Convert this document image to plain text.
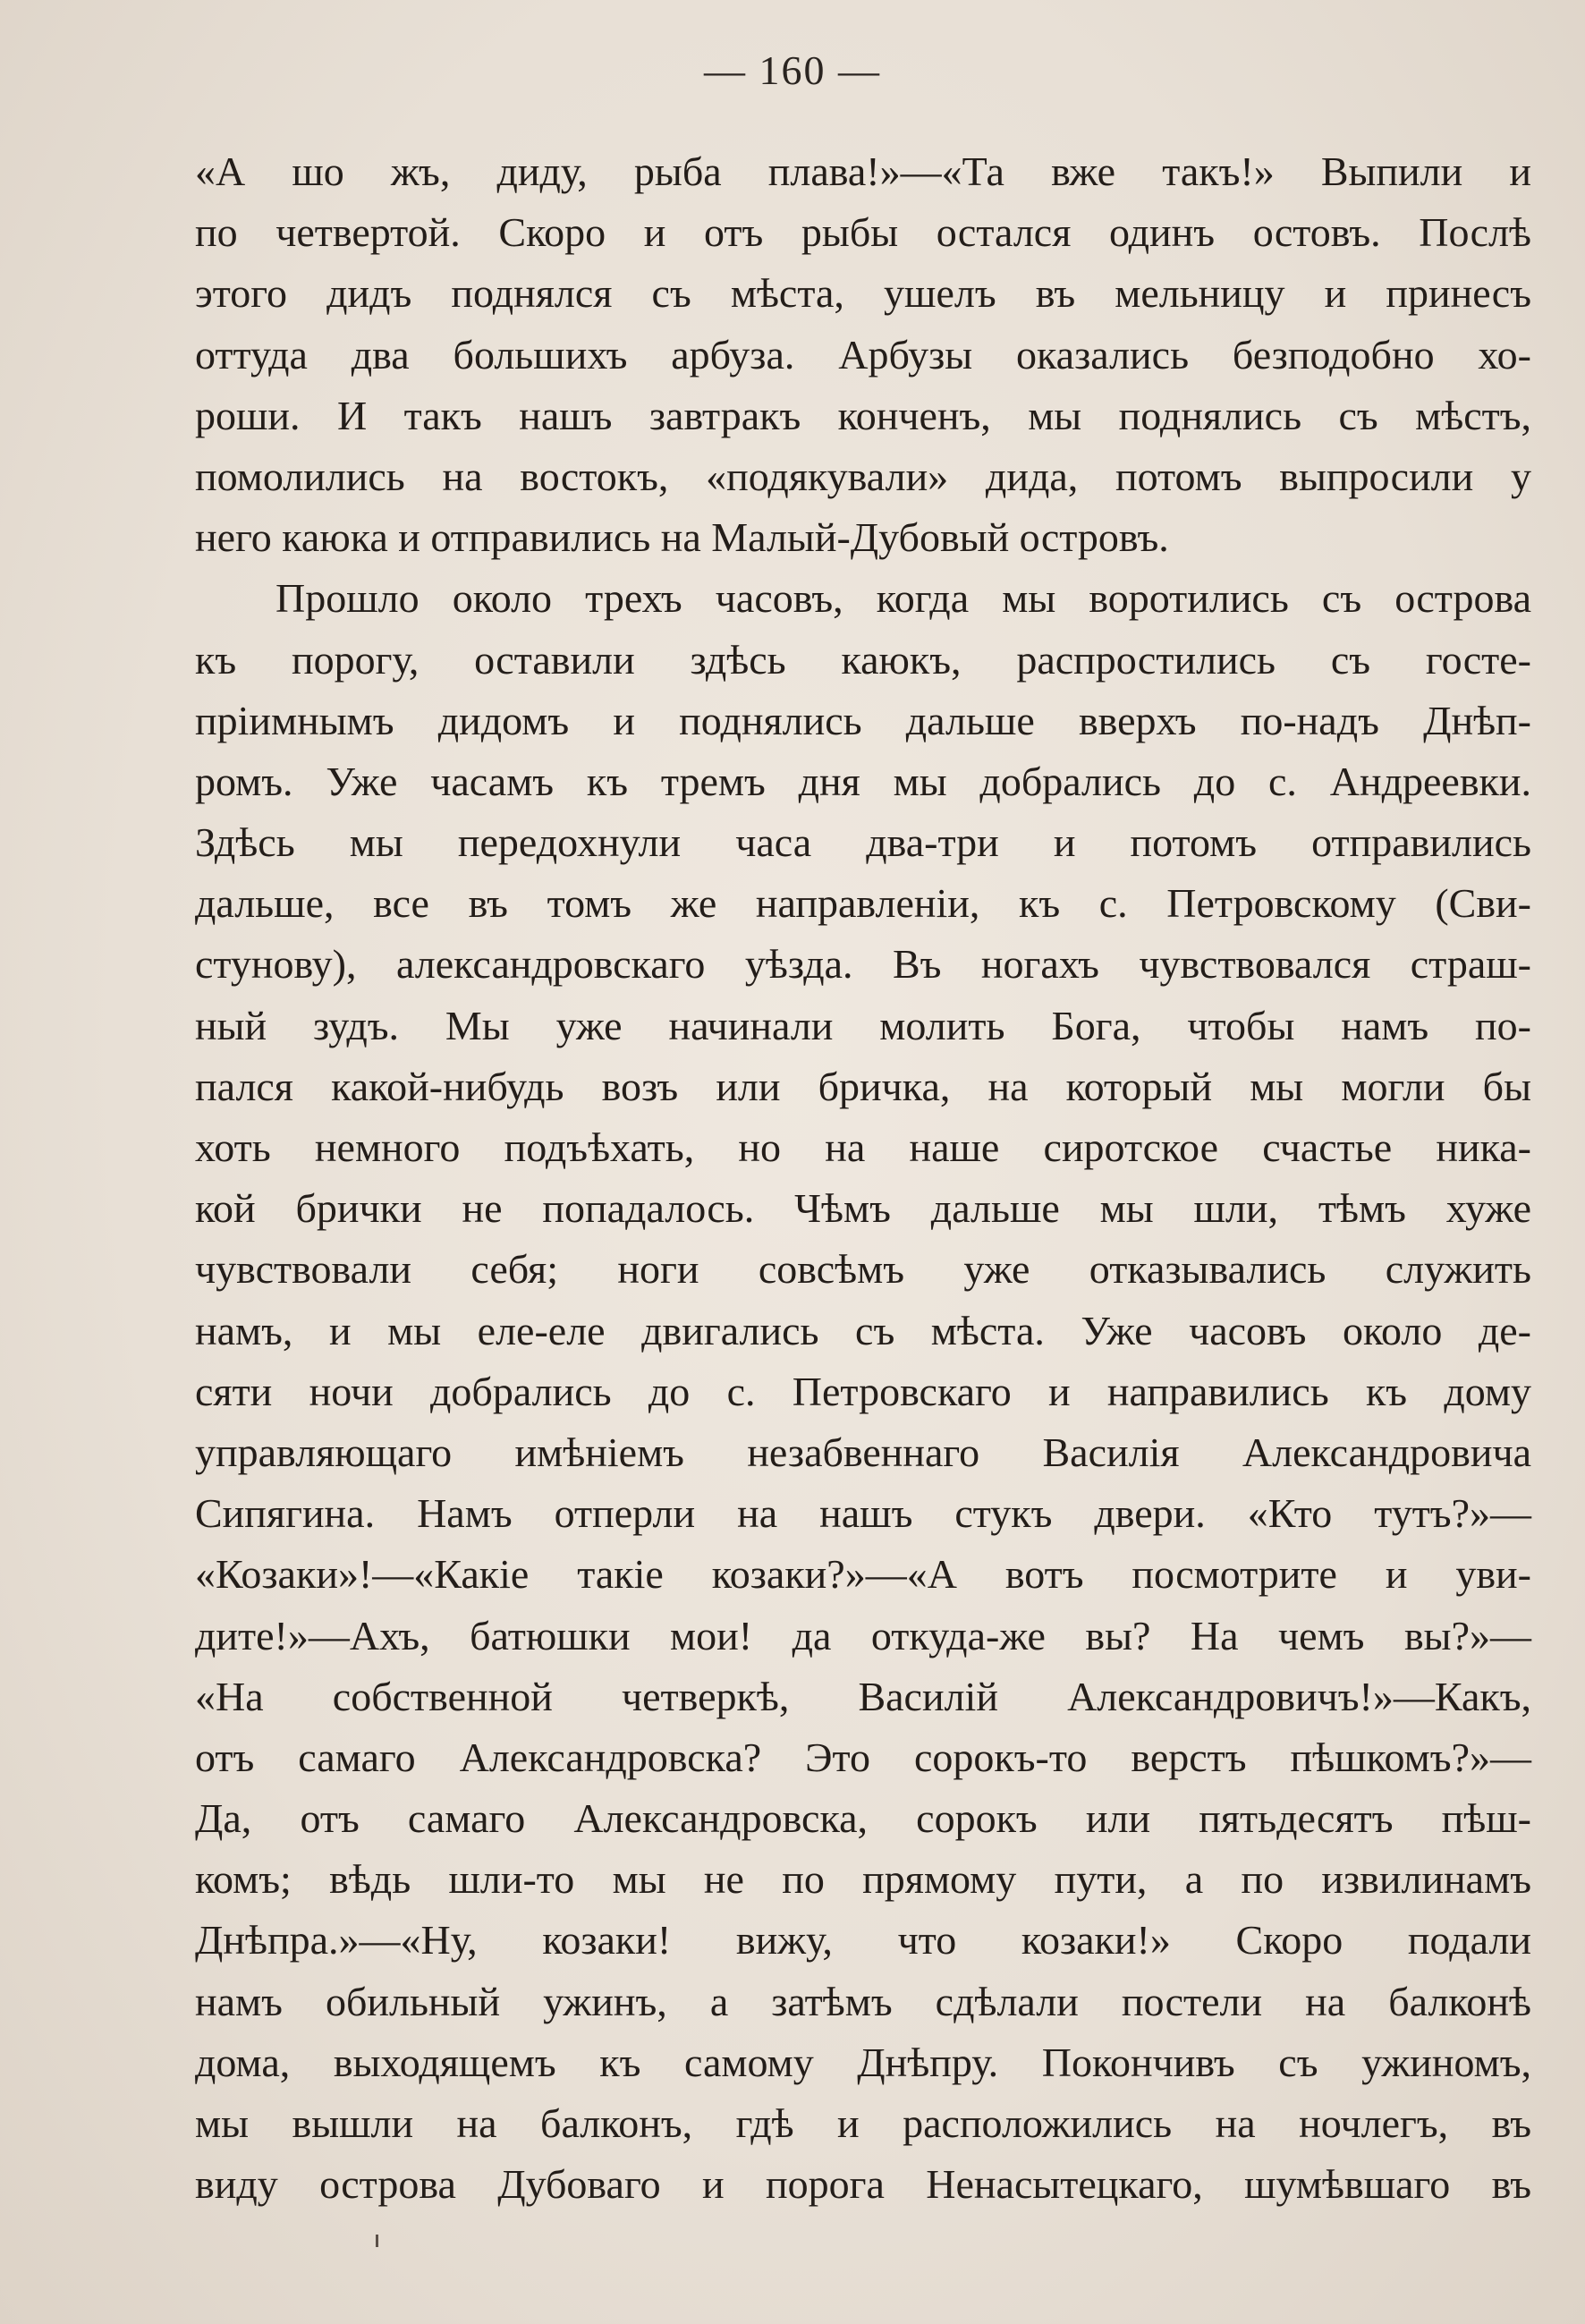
— 160 —
«А шо жъ, диду, рыба плава!»—«Та вже такъ!» Выпили и
по четвертой. Скоро и отъ рыбы остался одинъ остовъ. Послѣ
этого дидъ поднялся съ мѣста, ушелъ въ мельницу и принесъ
оттуда два большихъ арбуза. Арбузы оказались безподобно хо-
роши. И такъ нашъ завтракъ конченъ, мы поднялись съ мѣстъ,
помолились на востокъ, «подякували» дида, потомъ выпросили у
него каюка и отправились на Малый-Дубовый островъ.
Прошло около трехъ часовъ, когда мы воротились съ острова
къ порогу, оставили здѣсь каюкъ, распростились съ госте-
пріимнымъ дидомъ и поднялись дальше вверхъ по-надъ Днѣп-
ромъ. Уже часамъ къ тремъ дня мы добрались до с. Андреевки.
Здѣсь мы передохнули часа два-три и потомъ отправились
дальше, все въ томъ же направленіи, къ с. Петровскому (Сви-
стунову), александровскаго уѣзда. Въ ногахъ чувствовался страш-
ный зудъ. Мы уже начинали молить Бога, чтобы намъ по-
пался какой-нибудь возъ или бричка, на который мы могли бы
хоть немного подъѣхать, но на наше сиротское счастье ника-
кой брички не попадалось. Чѣмъ дальше мы шли, тѣмъ хуже
чувствовали себя; ноги совсѣмъ уже отказывались служить
намъ, и мы еле-еле двигались съ мѣста. Уже часовъ около де-
сяти ночи добрались до с. Петровскаго и направились къ дому
управляющаго имѣніемъ незабвеннаго Василія Александровича
Сипягина. Намъ отперли на нашъ стукъ двери. «Кто тутъ?»—
«Козаки»!—«Какіе такіе козаки?»—«А вотъ посмотрите и уви-
дите!»—Ахъ, батюшки мои! да откуда-же вы? На чемъ вы?»—
«На собственной четверкѣ, Василій Александровичъ!»—Какъ,
отъ самаго Александровска? Это сорокъ-то верстъ пѣшкомъ?»—
Да, отъ самаго Александровска, сорокъ или пятьдесятъ пѣш-
комъ; вѣдь шли-то мы не по прямому пути, а по извилинамъ
Днѣпра.»—«Ну, козаки! вижу, что козаки!» Скоро подали
намъ обильный ужинъ, а затѣмъ сдѣлали постели на балконѣ
дома, выходящемъ къ самому Днѣпру. Покончивъ съ ужиномъ,
мы вышли на балконъ, гдѣ и расположились на ночлегъ, въ
виду острова Дубоваго и порога Ненасытецкаго, шумѣвшаго въ
